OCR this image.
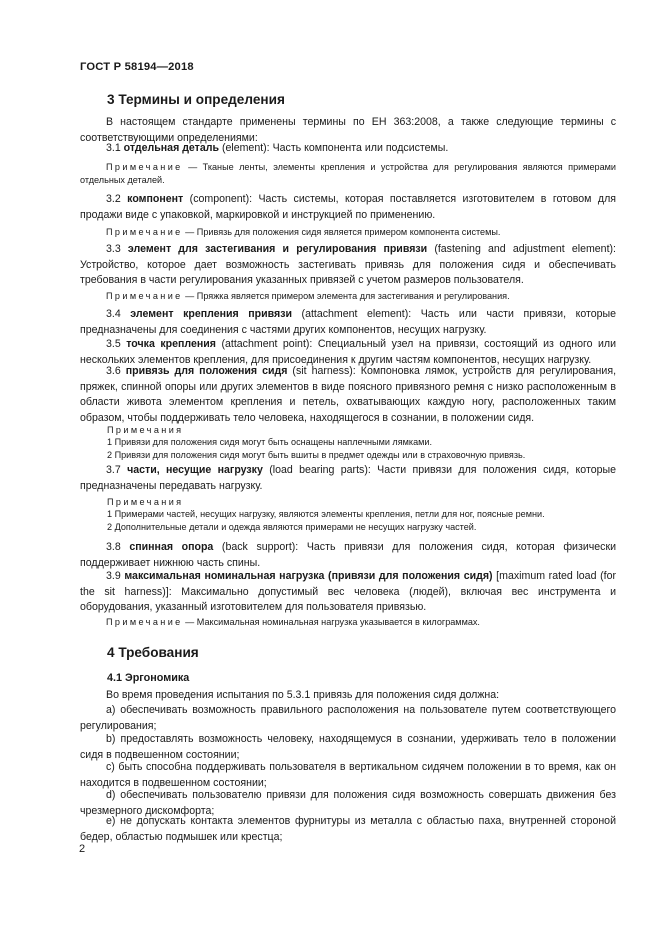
ГОСТ Р 58194—2018
3 Термины и определения
В настоящем стандарте применены термины по ЕН 363:2008, а также следующие термины с соответствующими определениями:
3.1 отдельная деталь (element): Часть компонента или подсистемы.
Примечание — Тканые ленты, элементы крепления и устройства для регулирования являются примерами отдельных деталей.
3.2 компонент (component): Часть системы, которая поставляется изготовителем в готовом для продажи виде с упаковкой, маркировкой и инструкцией по применению.
Примечание — Привязь для положения сидя является примером компонента системы.
3.3 элемент для застегивания и регулирования привязи (fastening and adjustment element): Устройство, которое дает возможность застегивать привязь для положения сидя и обеспечивать требования в части регулирования указанных привязей с учетом размеров пользователя.
Примечание — Пряжка является примером элемента для застегивания и регулирования.
3.4 элемент крепления привязи (attachment element): Часть или части привязи, которые предназначены для соединения с частями других компонентов, несущих нагрузку.
3.5 точка крепления (attachment point): Специальный узел на привязи, состоящий из одного или нескольких элементов крепления, для присоединения к другим частям компонентов, несущих нагрузку.
3.6 привязь для положения сидя (sit harness): Компоновка лямок, устройств для регулирования, пряжек, спинной опоры или других элементов в виде поясного привязного ремня с низко расположенным в области живота элементом крепления и петель, охватывающих каждую ногу, расположенных таким образом, чтобы поддерживать тело человека, находящегося в сознании, в положении сидя.
Примечания
1 Привязи для положения сидя могут быть оснащены наплечными лямками.
2 Привязи для положения сидя могут быть вшиты в предмет одежды или в страховочную привязь.
3.7 части, несущие нагрузку (load bearing parts): Части привязи для положения сидя, которые предназначены передавать нагрузку.
Примечания
1 Примерами частей, несущих нагрузку, являются элементы крепления, петли для ног, поясные ремни.
2 Дополнительные детали и одежда являются примерами не несущих нагрузку частей.
3.8 спинная опора (back support): Часть привязи для положения сидя, которая физически поддерживает нижнюю часть спины.
3.9 максимальная номинальная нагрузка (привязи для положения сидя) [maximum rated load (for the sit harness)]: Максимально допустимый вес человека (людей), включая вес инструмента и оборудования, указанный изготовителем для пользователя привязью.
Примечание — Максимальная номинальная нагрузка указывается в килограммах.
4 Требования
4.1 Эргономика
Во время проведения испытания по 5.3.1 привязь для положения сидя должна:
а) обеспечивать возможность правильного расположения на пользователе путем соответствующего регулирования;
b) предоставлять возможность человеку, находящемуся в сознании, удерживать тело в положении сидя в подвешенном состоянии;
с) быть способна поддерживать пользователя в вертикальном сидячем положении в то время, как он находится в подвешенном состоянии;
d) обеспечивать пользователю привязи для положения сидя возможность совершать движения без чрезмерного дискомфорта;
е) не допускать контакта элементов фурнитуры из металла с областью паха, внутренней стороной бедер, областью подмышек или крестца;
2
